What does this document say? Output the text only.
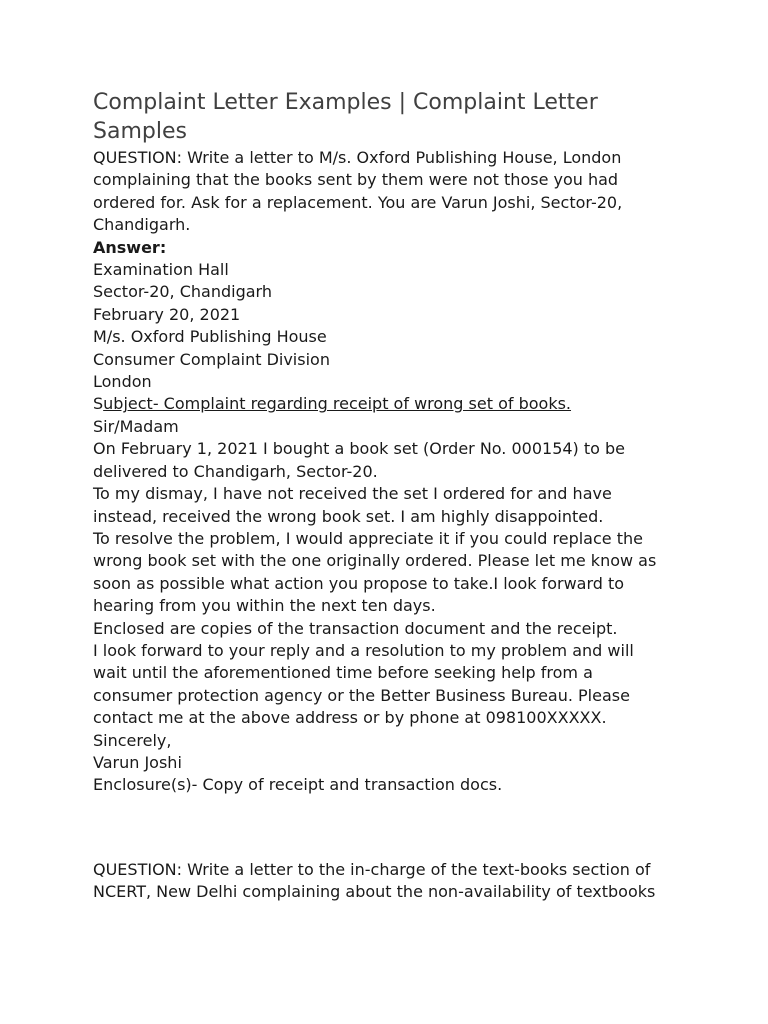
Complaint Letter Examples | Complaint Letter
Samples

QUESTION: Write a letter to M/s. Oxford Publishing House, London

complaining that the books sent by them were not those you had

ordered for. Ask for a replacement. You are Varun Joshi, Sector-20,

Chandigarh.

Answer:

Examination Hall

Sector-20, Chandigarh

February 20, 2021

M/s. Oxford Publishing House

Consumer Complaint Division

London

Subject- Complaint regarding receipt of wrong set of books.

Sir/Madam

On February 1, 2021 I bought a book set (Order No. 000154) to be

delivered to Chandigarh, Sector-20.

To my dismay, I have not received the set I ordered for and have

instead, received the wrong book set. I am highly disappointed.

To resolve the problem, I would appreciate it if you could replace the

wrong book set with the one originally ordered. Please let me know as

soon as possible what action you propose to take.I look forward to

hearing from you within the next ten days.

Enclosed are copies of the transaction document and the receipt.

I look forward to your reply and a resolution to my problem and will

wait until the aforementioned time before seeking help from a

consumer protection agency or the Better Business Bureau. Please

contact me at the above address or by phone at 098100XXXXX.

Sincerely,

Varun Joshi

Enclosure(s)- Copy of receipt and transaction docs.

QUESTION: Write a letter to the in-charge of the text-books section of

NCERT, New Delhi complaining about the non-availability of textbooks
